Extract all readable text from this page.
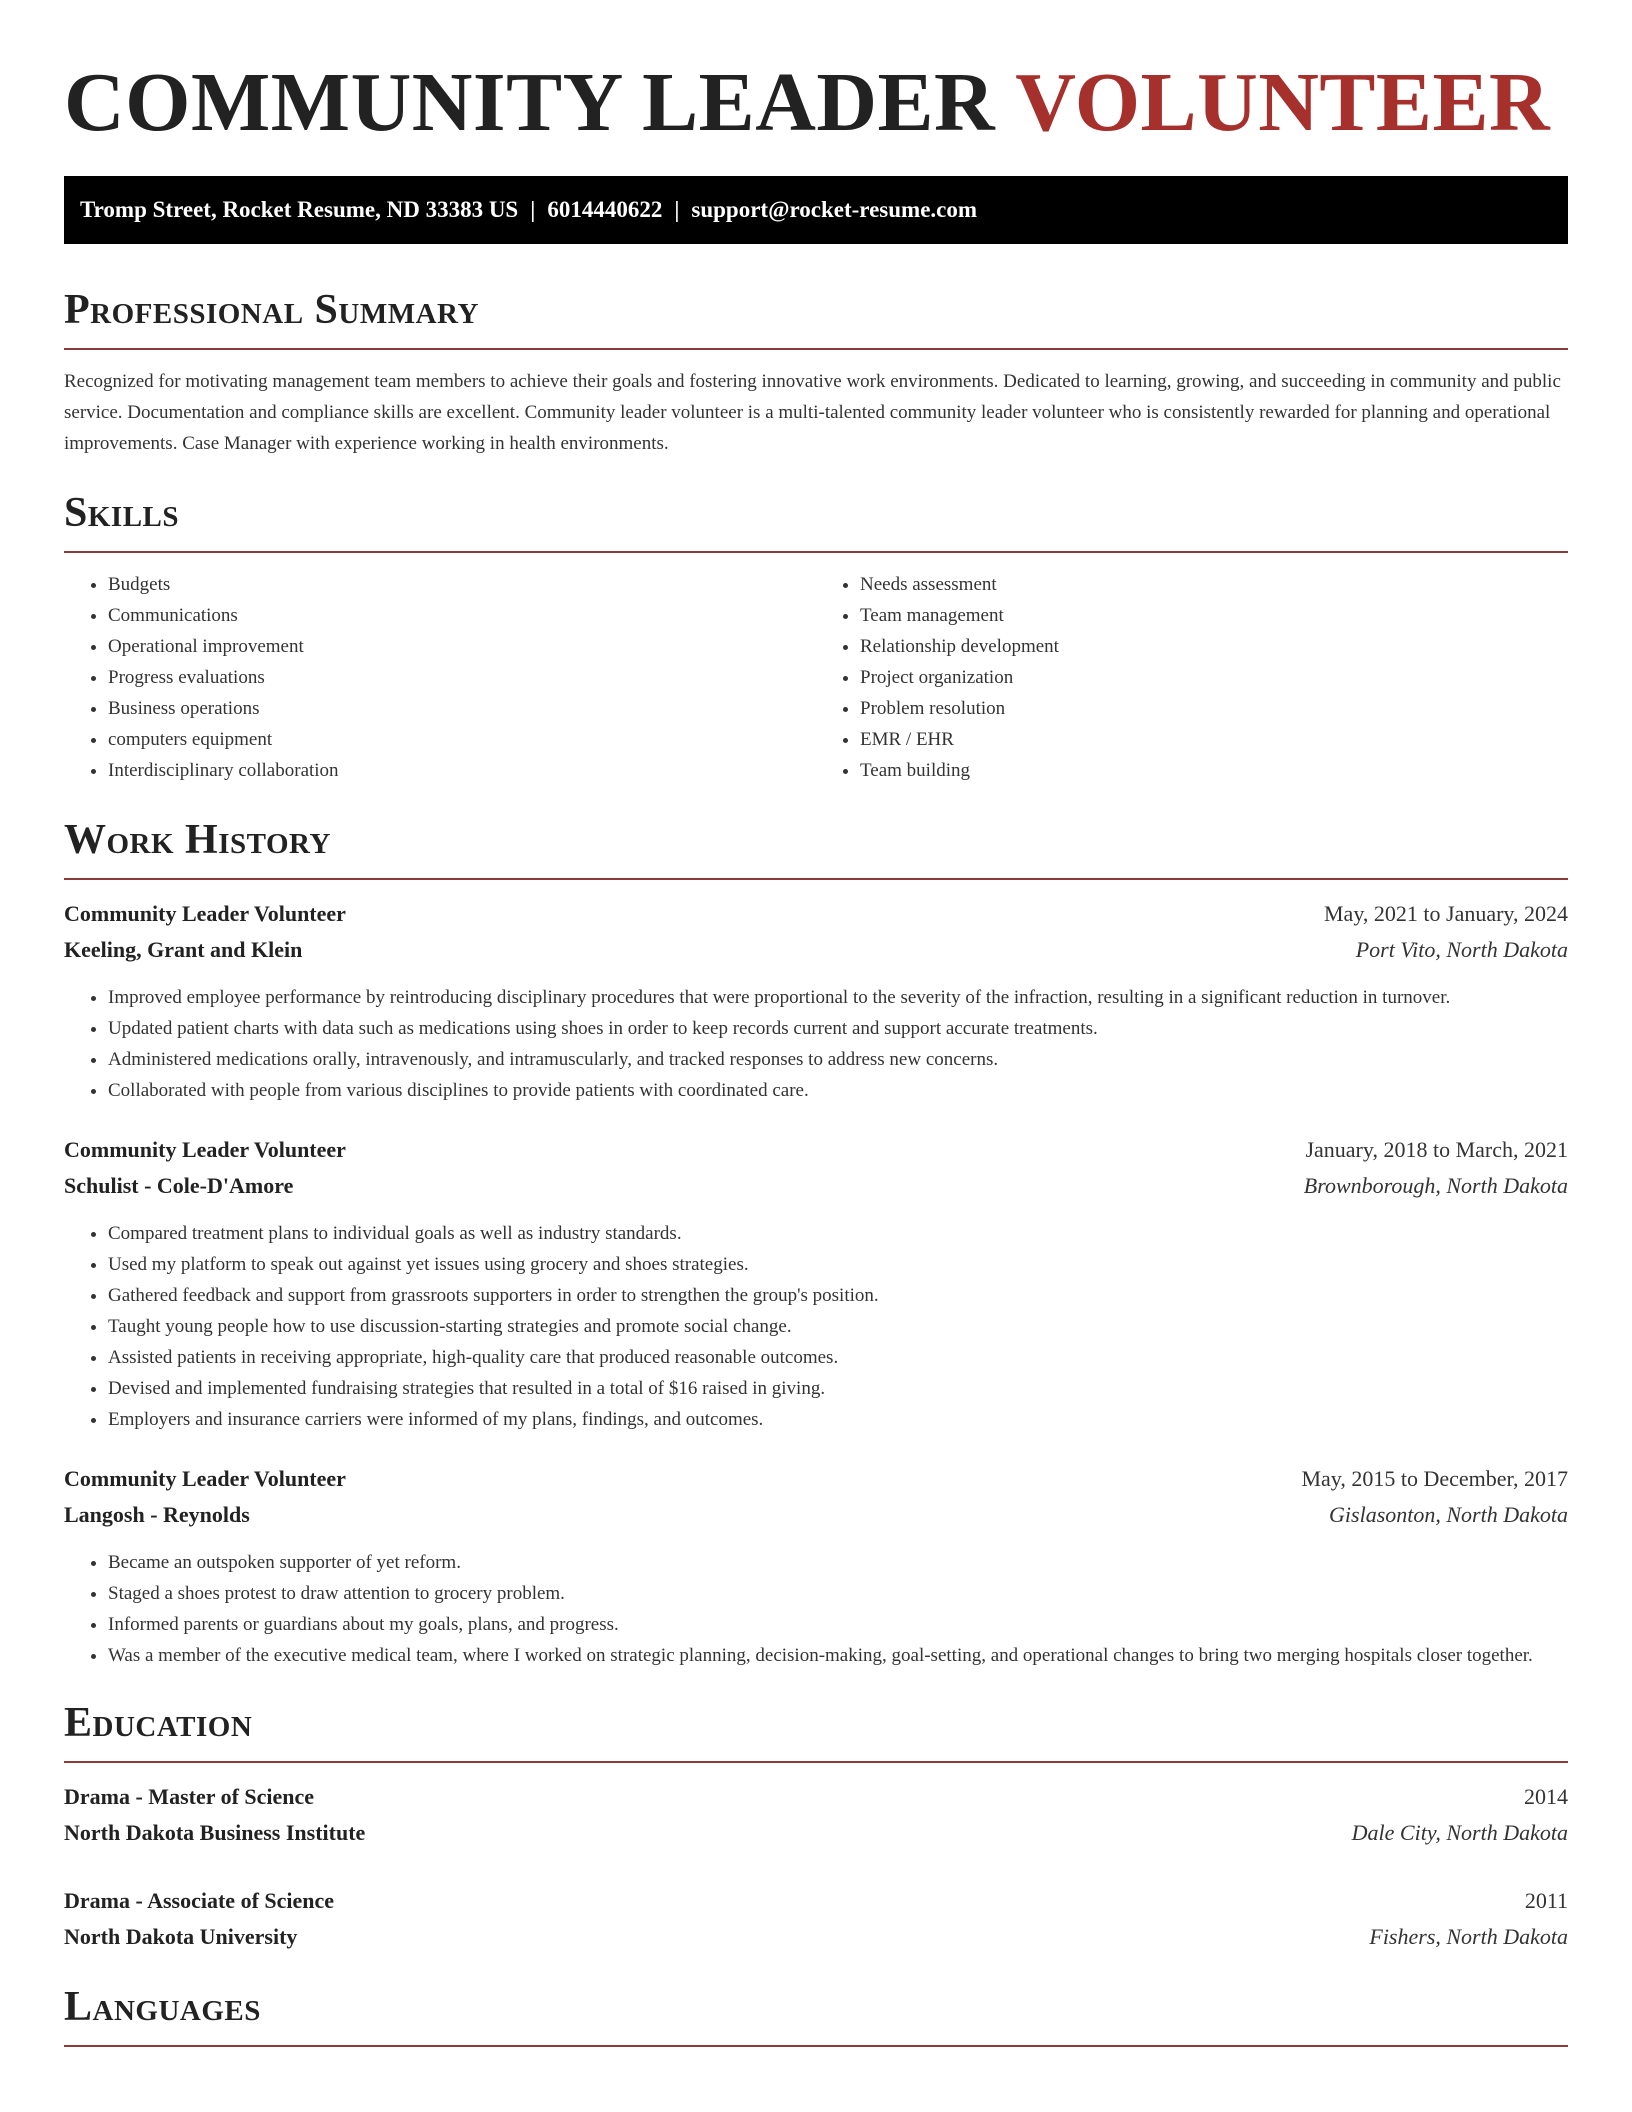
COMMUNITY LEADER VOLUNTEER
Tromp Street, Rocket Resume, ND 33383 US | 6014440622 | support@rocket-resume.com
Professional Summary

Recognized for motivating management team members to achieve their goals and fostering innovative work environments. Dedicated to learning, growing, and succeeding in community and public service. Documentation and compliance skills are excellent. Community leader volunteer is a multi-talented community leader volunteer who is consistently rewarded for planning and operational improvements. Case Manager with experience working in health environments.

Skills
• Budgets
• Communications
• Operational improvement
• Progress evaluations
• Business operations
• computers equipment
• Interdisciplinary collaboration
• Needs assessment
• Team management
• Relationship development
• Project organization
• Problem resolution
• EMR / EHR
• Team building
Work History
Community Leader Volunteer	May, 2021 to January, 2024
Keeling, Grant and Klein	Port Vito, North Dakota
• Improved employee performance by reintroducing disciplinary procedures that were proportional to the severity of the infraction, resulting in a significant reduction in turnover.
• Updated patient charts with data such as medications using shoes in order to keep records current and support accurate treatments.
• Administered medications orally, intravenously, and intramuscularly, and tracked responses to address new concerns.
• Collaborated with people from various disciplines to provide patients with coordinated care.
Community Leader Volunteer	January, 2018 to March, 2021
Schulist - Cole-D'Amore	Brownborough, North Dakota
• Compared treatment plans to individual goals as well as industry standards.
• Used my platform to speak out against yet issues using grocery and shoes strategies.
• Gathered feedback and support from grassroots supporters in order to strengthen the group's position.
• Taught young people how to use discussion-starting strategies and promote social change.
• Assisted patients in receiving appropriate, high-quality care that produced reasonable outcomes.
• Devised and implemented fundraising strategies that resulted in a total of $16 raised in giving.
• Employers and insurance carriers were informed of my plans, findings, and outcomes.
Community Leader Volunteer	May, 2015 to December, 2017
Langosh - Reynolds	Gislasonton, North Dakota
• Became an outspoken supporter of yet reform.
• Staged a shoes protest to draw attention to grocery problem.
• Informed parents or guardians about my goals, plans, and progress.
• Was a member of the executive medical team, where I worked on strategic planning, decision-making, goal-setting, and operational changes to bring two merging hospitals closer together.
Education
Drama - Master of Science	2014
North Dakota Business Institute	Dale City, North Dakota
Drama - Associate of Science	2011
North Dakota University	Fishers, North Dakota
Languages
